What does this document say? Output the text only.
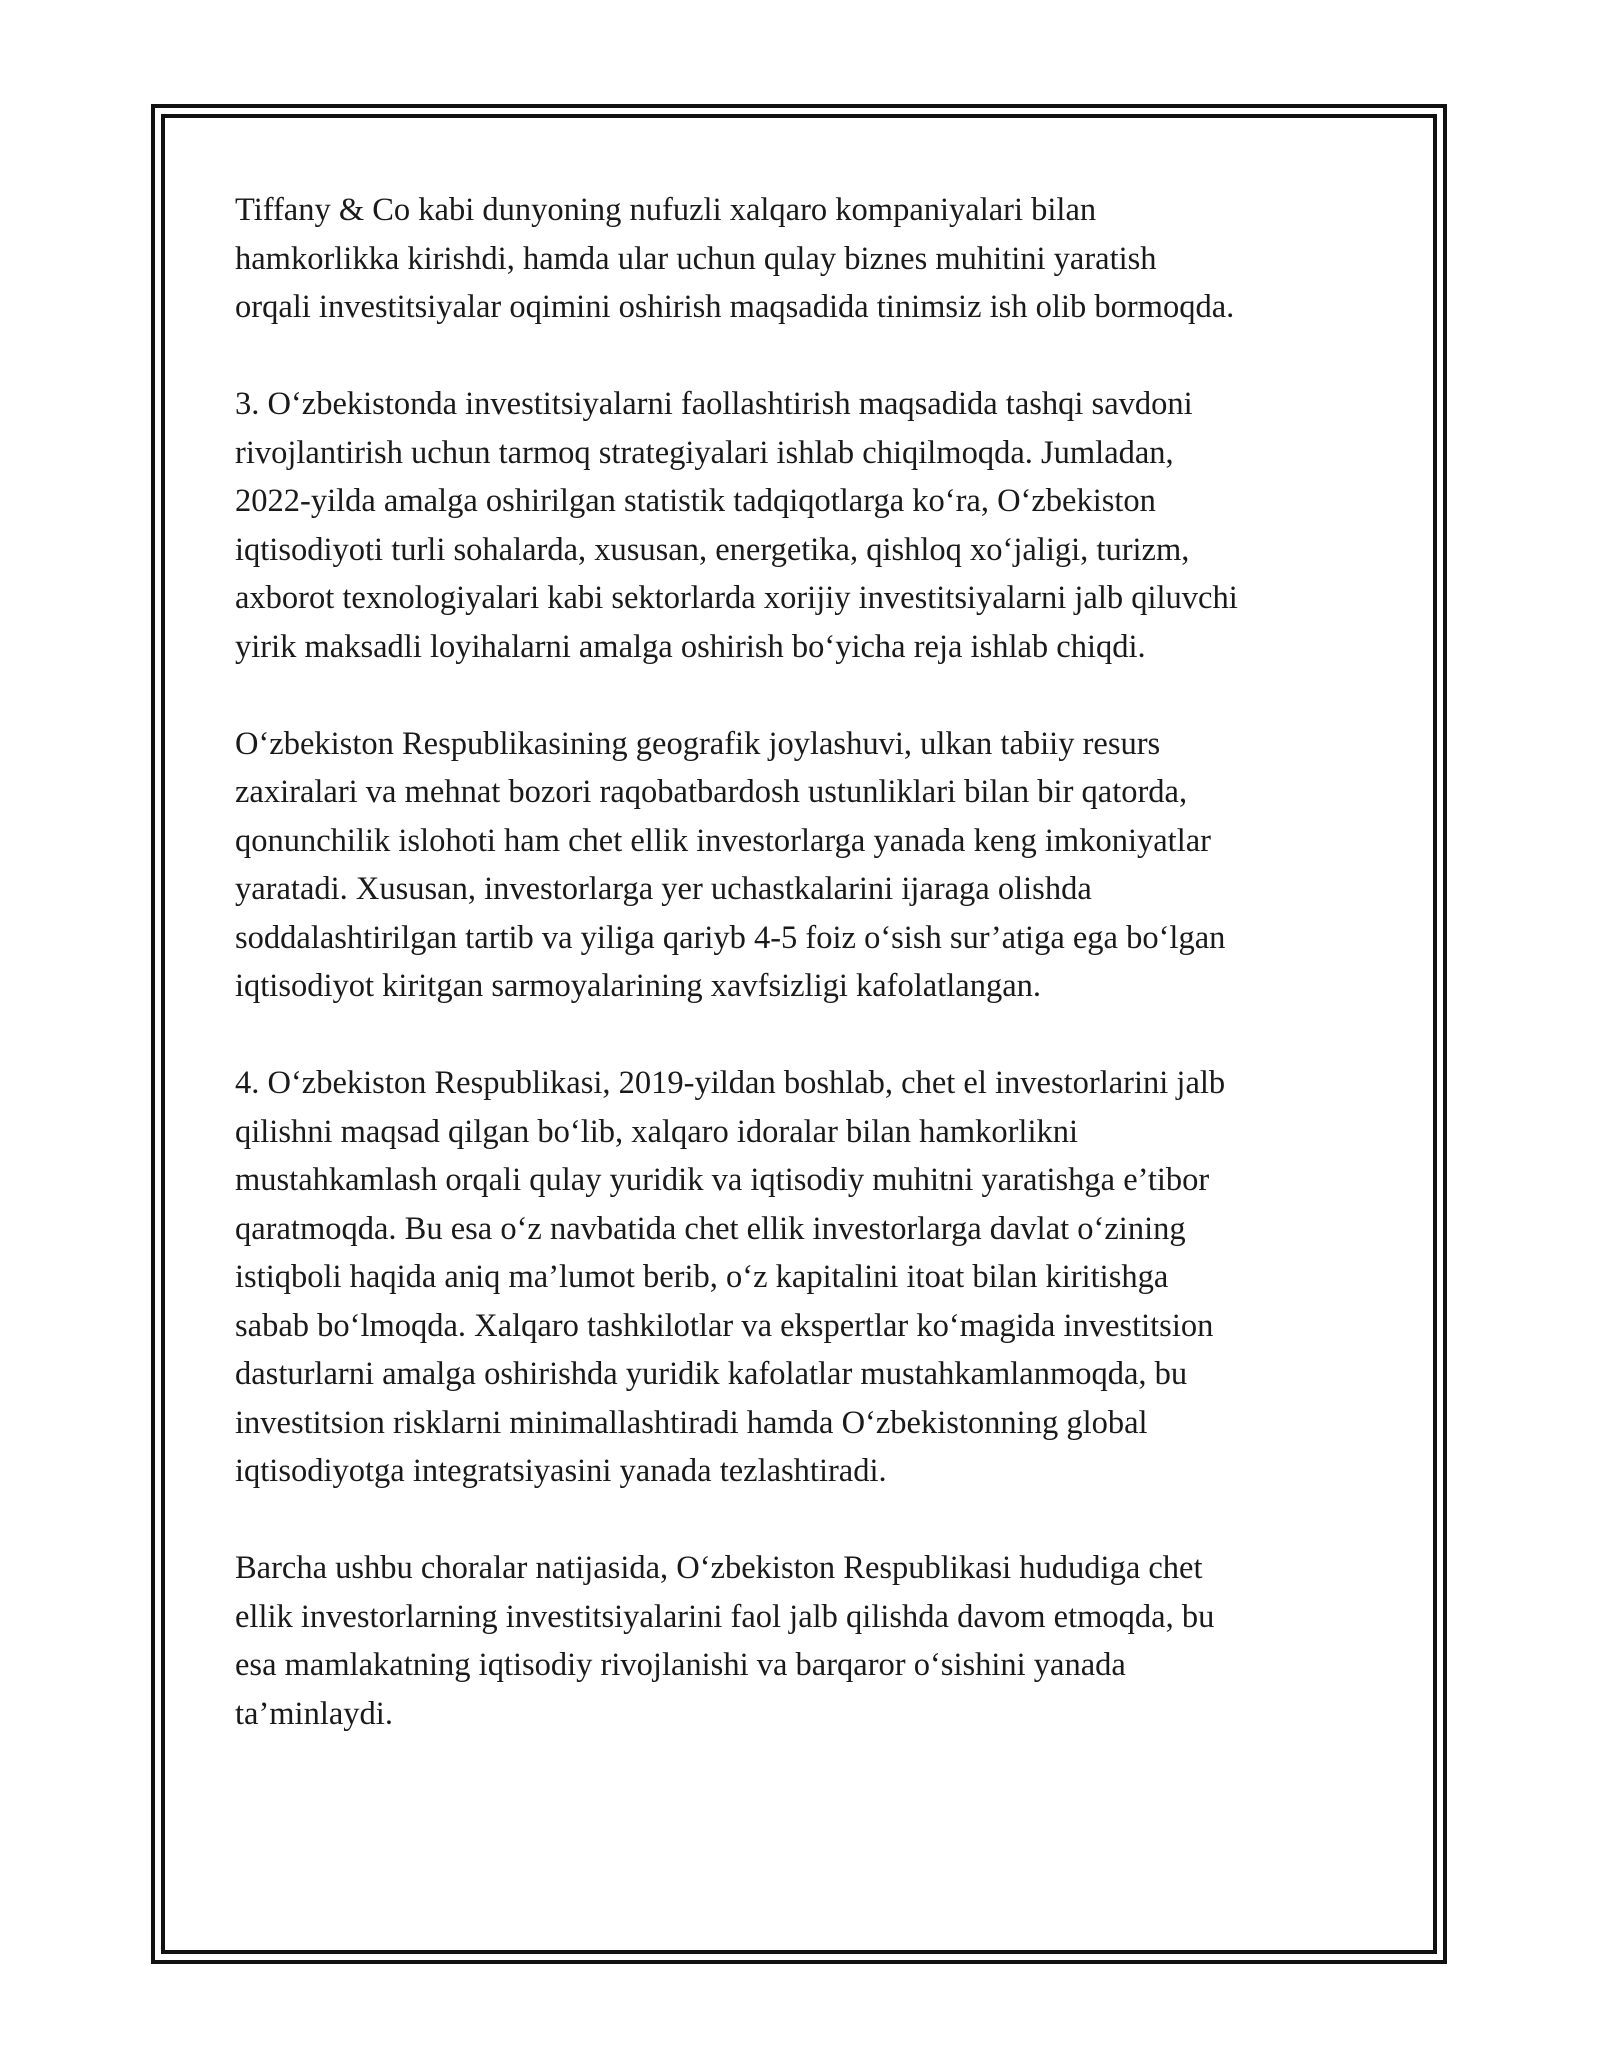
Tiffany & Co kabi dunyoning nufuzli xalqaro kompaniyalari bilan
hamkorlikka kirishdi, hamda ular uchun qulay biznes muhitini yaratish
orqali investitsiyalar oqimini oshirish maqsadida tinimsiz ish olib bormoqda.

3. O‘zbekistonda investitsiyalarni faollashtirish maqsadida tashqi savdoni
rivojlantirish uchun tarmoq strategiyalari ishlab chiqilmoqda. Jumladan,
2022-yilda amalga oshirilgan statistik tadqiqotlarga ko‘ra, O‘zbekiston
iqtisodiyoti turli sohalarda, xususan, energetika, qishloq xo‘jaligi, turizm,
axborot texnologiyalari kabi sektorlarda xorijiy investitsiyalarni jalb qiluvchi
yirik maksadli loyihalarni amalga oshirish bo‘yicha reja ishlab chiqdi.

O‘zbekiston Respublikasining geografik joylashuvi, ulkan tabiiy resurs
zaxiralari va mehnat bozori raqobatbardosh ustunliklari bilan bir qatorda,
qonunchilik islohoti ham chet ellik investorlarga yanada keng imkoniyatlar
yaratadi. Xususan, investorlarga yer uchastkalarini ijaraga olishda
soddalashtirilgan tartib va yiliga qariyb 4-5 foiz o‘sish sur’atiga ega bo‘lgan
iqtisodiyot kiritgan sarmoyalarining xavfsizligi kafolatlangan.

4. O‘zbekiston Respublikasi, 2019-yildan boshlab, chet el investorlarini jalb
qilishni maqsad qilgan bo‘lib, xalqaro idoralar bilan hamkorlikni
mustahkamlash orqali qulay yuridik va iqtisodiy muhitni yaratishga e’tibor
qaratmoqda. Bu esa o‘z navbatida chet ellik investorlarga davlat o‘zining
istiqboli haqida aniq ma’lumot berib, o‘z kapitalini itoat bilan kiritishga
sabab bo‘lmoqda. Xalqaro tashkilotlar va ekspertlar ko‘magida investitsion
dasturlarni amalga oshirishda yuridik kafolatlar mustahkamlanmoqda, bu
investitsion risklarni minimallashtiradi hamda O‘zbekistonning global
iqtisodiyotga integratsiyasini yanada tezlashtiradi.

Barcha ushbu choralar natijasida, O‘zbekiston Respublikasi hududiga chet
ellik investorlarning investitsiyalarini faol jalb qilishda davom etmoqda, bu
esa mamlakatning iqtisodiy rivojlanishi va barqaror o‘sishini yanada
ta’minlaydi.
